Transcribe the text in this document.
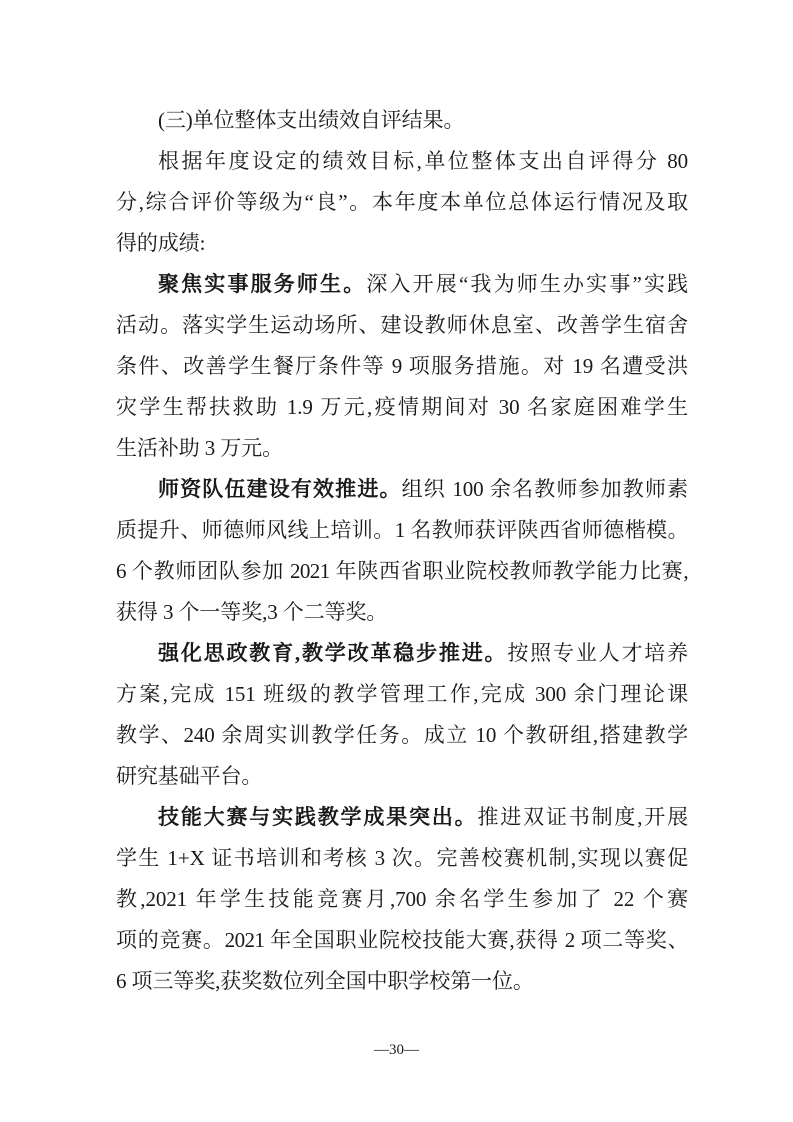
(三)单位整体支出绩效自评结果。
根据年度设定的绩效目标,单位整体支出自评得分 80
分,综合评价等级为“良”。本年度本单位总体运行情况及取
得的成绩:
聚焦实事服务师生。深入开展“我为师生办实事”实践
活动。落实学生运动场所、建设教师休息室、改善学生宿舍
条件、改善学生餐厅条件等 9 项服务措施。对 19 名遭受洪
灾学生帮扶救助 1.9 万元,疫情期间对 30 名家庭困难学生
生活补助 3 万元。
师资队伍建设有效推进。组织 100 余名教师参加教师素
质提升、师德师风线上培训。1 名教师获评陕西省师德楷模。
6 个教师团队参加 2021 年陕西省职业院校教师教学能力比赛,
获得 3 个一等奖,3 个二等奖。
强化思政教育,教学改革稳步推进。按照专业人才培养
方案,完成 151 班级的教学管理工作,完成 300 余门理论课
教学、240 余周实训教学任务。成立 10 个教研组,搭建教学
研究基础平台。
技能大赛与实践教学成果突出。推进双证书制度,开展
学生 1+X 证书培训和考核 3 次。完善校赛机制,实现以赛促
教,2021 年学生技能竞赛月,700 余名学生参加了 22 个赛
项的竞赛。2021 年全国职业院校技能大赛,获得 2 项二等奖、
6 项三等奖,获奖数位列全国中职学校第一位。
—30—
